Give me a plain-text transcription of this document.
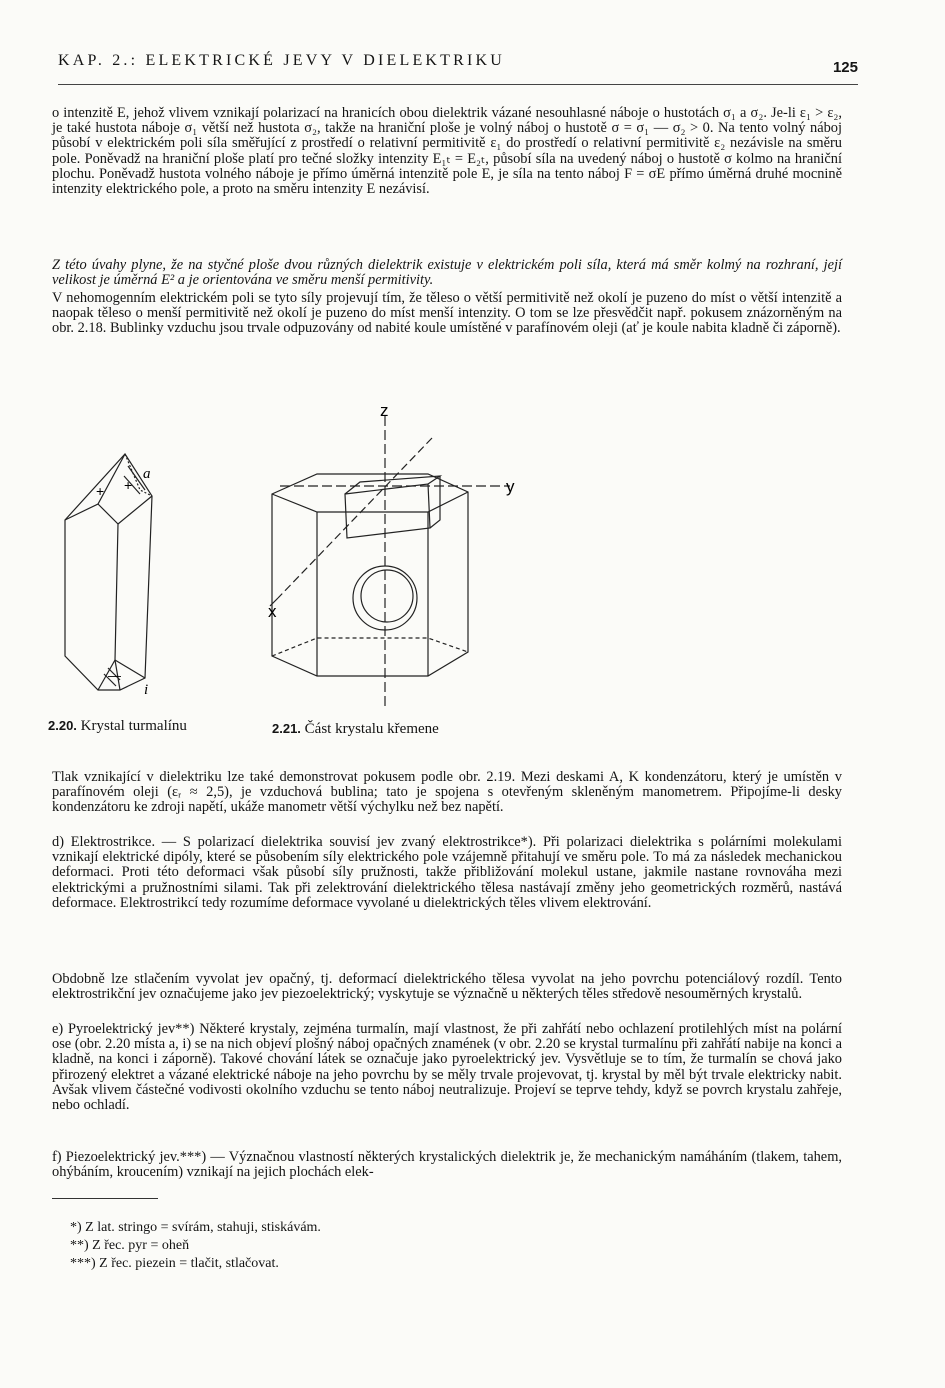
KAP. 2.: ELEKTRICKÉ JEVY V DIELEKTRIKU	125

o intenzitě E, jehož vlivem vznikají polarizací na hranicích obou dielektrik vázané nesouhlasné náboje o hustotách σ₁ a σ₂. Je-li ε₁ > ε₂, je také hustota náboje σ₁ větší než hustota σ₂, takže na hraniční ploše je volný náboj o hustotě σ = σ₁ — σ₂ > 0. Na tento volný náboj působí v elektrickém poli síla směřující z prostředí o relativní permitivitě ε₁ do prostředí o relativní permitivitě ε₂ nezávisle na směru pole. Poněvadž na hraniční ploše platí pro tečné složky intenzity E₁ₜ = E₂ₜ, působí síla na uvedený náboj o hustotě σ kolmo na hraniční plochu. Poněvadž hustota volného náboje je přímo úměrná intenzitě pole E, je síla na tento náboj F = σE přímo úměrná druhé mocnině intenzity elektrického pole, a proto na směru intenzity E nezávisí.

Z této úvahy plyne, že na styčné ploše dvou různých dielektrik existuje v elektrickém poli síla, která má směr kolmý na rozhraní, její velikost je úměrná E² a je orientována ve směru menší permitivity.

V nehomogenním elektrickém poli se tyto síly projevují tím, že těleso o větší permitivitě než okolí je puzeno do míst o větší intenzitě a naopak těleso o menší permitivitě než okolí je puzeno do míst menší intenzity. O tom se lze přesvědčit např. pokusem znázorněným na obr. 2.18. Bublinky vzduchu jsou trvale odpuzovány od nabité koule umístěné v parafínovém oleji (ať je koule nabita kladně či záporně).

a
i
+ +
—
z
y
x
2.20. Krystal turmalínu	2.21. Část krystalu křemene

Tlak vznikající v dielektriku lze také demonstrovat pokusem podle obr. 2.19. Mezi deskami A, K kondenzátoru, který je umístěn v parafínovém oleji (εᵣ ≈ 2,5), je vzduchová bublina; tato je spojena s otevřeným skleněným manometrem. Připojíme-li desky kondenzátoru ke zdroji napětí, ukáže manometr větší výchylku než bez napětí.

d) Elektrostrikce. — S polarizací dielektrika souvisí jev zvaný elektrostrikce*). Při polarizaci dielektrika s polárními molekulami vznikají elektrické dipóly, které se působením síly elektrického pole vzájemně přitahují ve směru pole. To má za následek mechanickou deformaci. Proti této deformaci však působí síly pružnosti, takže přibližování molekul ustane, jakmile nastane rovnováha mezi elektrickými a pružnostními silami. Tak při zelektrování dielektrického tělesa nastávají změny jeho geometrických rozměrů, nastává deformace. Elektrostrikcí tedy rozumíme deformace vyvolané u dielektrických těles vlivem elektrování.

Obdobně lze stlačením vyvolat jev opačný, tj. deformací dielektrického tělesa vyvolat na jeho povrchu potenciálový rozdíl. Tento elektrostrikční jev označujeme jako jev piezoelektrický; vyskytuje se význačně u některých těles středově nesouměrných krystalů.

e) Pyroelektrický jev**) Některé krystaly, zejména turmalín, mají vlastnost, že při zahřátí nebo ochlazení protilehlých míst na polární ose (obr. 2.20 místa a, i) se na nich objeví plošný náboj opačných znamének (v obr. 2.20 se krystal turmalínu při zahřátí nabije na konci a kladně, na konci i záporně). Takové chování látek se označuje jako pyroelektrický jev. Vysvětluje se to tím, že turmalín se chová jako přirozený elektret a vázané elektrické náboje na jeho povrchu by se měly trvale projevovat, tj. krystal by měl být trvale elektricky nabit. Avšak vlivem částečné vodivosti okolního vzduchu se tento náboj neutralizuje. Projeví se teprve tehdy, když se povrch krystalu zahřeje, nebo ochladí.

f) Piezoelektrický jev.***) — Význačnou vlastností některých krystalických dielektrik je, že mechanickým namáháním (tlakem, tahem, ohýbáním, kroucením) vznikají na jejich plochách elek-

*) Z lat. stringo = svírám, stahuji, stiskávám.
**) Z řec. pyr = oheň
***) Z řec. piezein = tlačit, stlačovat.
